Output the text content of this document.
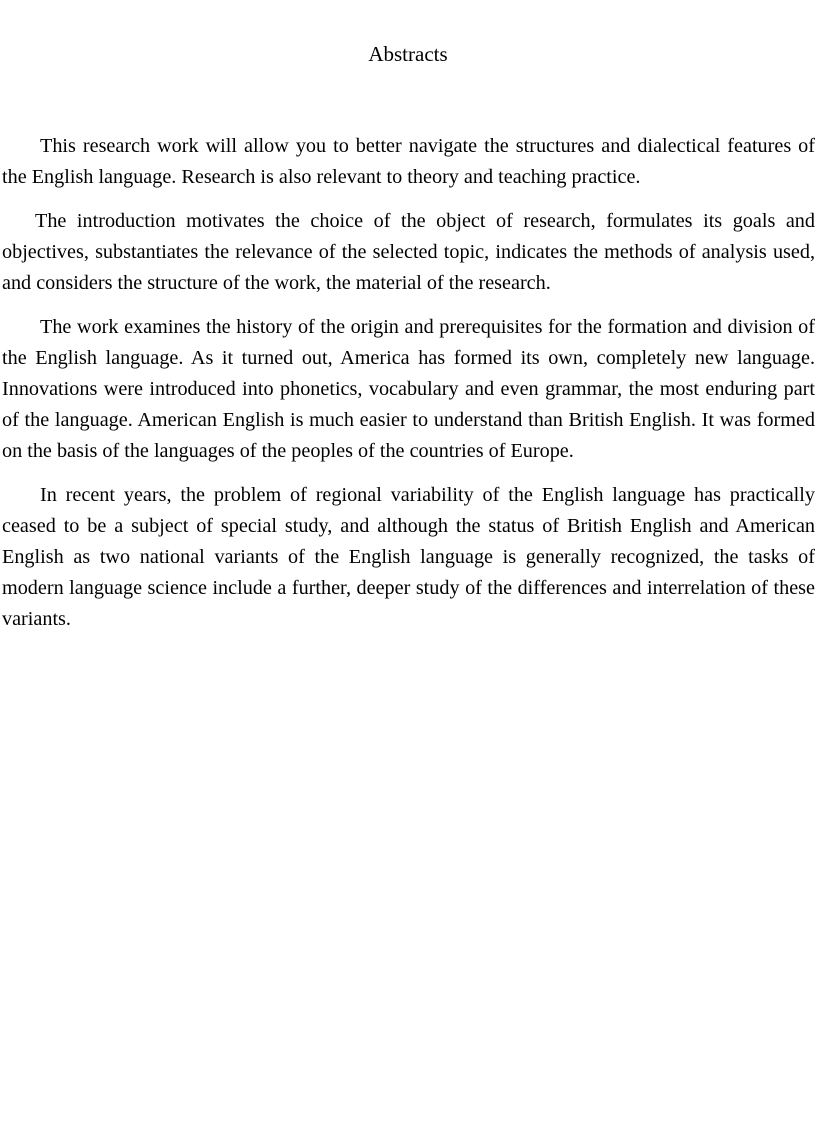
Abstracts

This research work will allow you to better navigate the structures and dialectical features of the English language. Research is also relevant to theory and teaching practice.

The introduction motivates the choice of the object of research, formulates its goals and objectives, substantiates the relevance of the selected topic, indicates the methods of analysis used, and considers the structure of the work, the material of the research.

The work examines the history of the origin and prerequisites for the formation and division of the English language. As it turned out, America has formed its own, completely new language. Innovations were introduced into phonetics, vocabulary and even grammar, the most enduring part of the language. American English is much easier to understand than British English. It was formed on the basis of the languages of the peoples of the countries of Europe.

In recent years, the problem of regional variability of the English language has practically ceased to be a subject of special study, and although the status of British English and American English as two national variants of the English language is generally recognized, the tasks of modern language science include a further, deeper study of the differences and interrelation of these variants.
